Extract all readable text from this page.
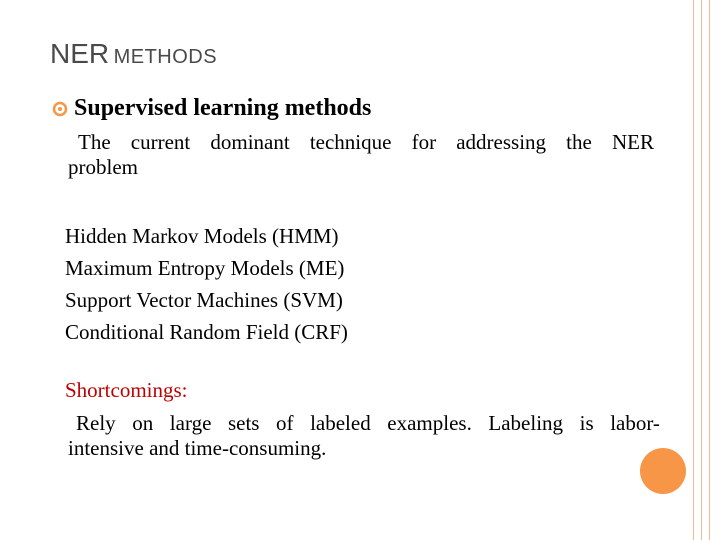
NER METHODS
Supervised learning methods
The current dominant technique for addressing the NER
problem
Hidden Markov Models (HMM)
Maximum Entropy Models (ME)
Support Vector Machines (SVM)
Conditional Random Field (CRF)
Shortcomings:
Rely on large sets of labeled examples. Labeling is labor-
intensive and time-consuming.
